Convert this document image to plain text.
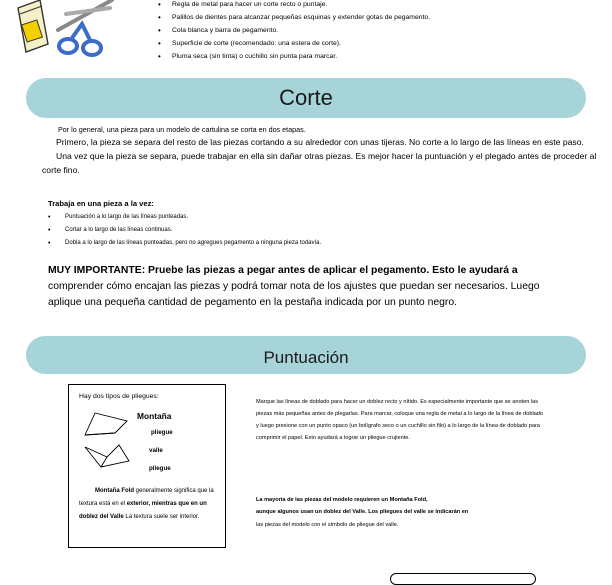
• Regla de metal para hacer un corte recto o puntaje.
• Palillos de dientes para alcanzar pequeñas esquinas y extender gotas de pegamento.
• Cola blanca y barra de pegamento.
• Superficie de corte (recomendado: una estera de corte).
• Pluma seca (sin tinta) o cuchillo sin punta para marcar.
Corte

Por lo general, una pieza para un modelo de cartulina se corta en dos etapas.

Primero, la pieza se separa del resto de las piezas cortando a su alrededor con unas tijeras. No corte a lo largo de las líneas en este paso.

Una vez que la pieza se separa, puede trabajar en ella sin dañar otras piezas. Es mejor hacer la puntuación y el plegado antes de proceder al corte fino.

Trabaja en una pieza a la vez:
• Puntuación a lo largo de las líneas punteadas.
• Cortar a lo largo de las líneas continuas.
• Dobla a lo largo de las líneas punteadas, pero no agregues pegamento a ninguna pieza todavía.
MUY IMPORTANTE: Pruebe las piezas a pegar antes de aplicar el pegamento. Esto le ayudará a comprender cómo encajan las piezas y podrá tomar nota de los ajustes que puedan ser necesarios. Luego aplique una pequeña cantidad de pegamento en la pestaña indicada por un punto negro.
Puntuación
Hay dos tipos de pliegues:
Montaña
pliegue
valle
pliegue
Montaña Fold generalmente significa que la textura está en el exterior, mientras que en un doblez del Valle La textura suele ser interior.
Marque las líneas de doblado para hacer un doblez recto y nítido. Es especialmente importante que se anoten las piezas más pequeñas antes de plegarlas. Para marcar, coloque una regla de metal a lo largo de la línea de doblado y luego presione con un punto opaco (un bolígrafo seco o un cuchillo sin filo) a lo largo de la línea de doblado para comprimir el papel. Esto ayudará a lograr un pliegue crujiente.
La mayoría de las piezas del modelo requieren un Montaña Fold,
aunque algunos usan un doblez del Valle. Los pliegues del valle se indicarán en
las piezas del modelo con el símbolo de pliegue del valle.
